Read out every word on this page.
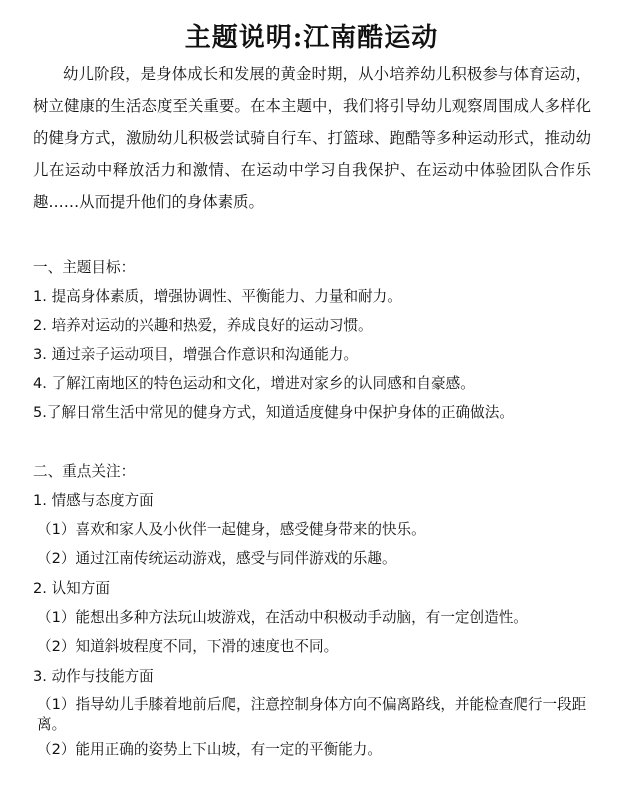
主题说明:江南酷运动
幼儿阶段，是身体成长和发展的黄金时期，从小培养幼儿积极参与体育运动，树立健康的生活态度至关重要。在本主题中，我们将引导幼儿观察周围成人多样化的健身方式，激励幼儿积极尝试骑自行车、打篮球、跑酷等多种运动形式，推动幼儿在运动中释放活力和激情、在运动中学习自我保护、在运动中体验团队合作乐趣……从而提升他们的身体素质。
一、主题目标：
1. 提高身体素质，增强协调性、平衡能力、力量和耐力。
2. 培养对运动的兴趣和热爱，养成良好的运动习惯。
3. 通过亲子运动项目，增强合作意识和沟通能力。
4. 了解江南地区的特色运动和文化，增进对家乡的认同感和自豪感。
5.了解日常生活中常见的健身方式，知道适度健身中保护身体的正确做法。
二、重点关注：
1. 情感与态度方面
（1）喜欢和家人及小伙伴一起健身，感受健身带来的快乐。
（2）通过江南传统运动游戏，感受与同伴游戏的乐趣。
2. 认知方面
（1）能想出多种方法玩山坡游戏，在活动中积极动手动脑，有一定创造性。
（2）知道斜坡程度不同，下滑的速度也不同。
3. 动作与技能方面
（1）指导幼儿手膝着地前后爬，注意控制身体方向不偏离路线，并能检查爬行一段距离。
（2）能用正确的姿势上下山坡，有一定的平衡能力。
